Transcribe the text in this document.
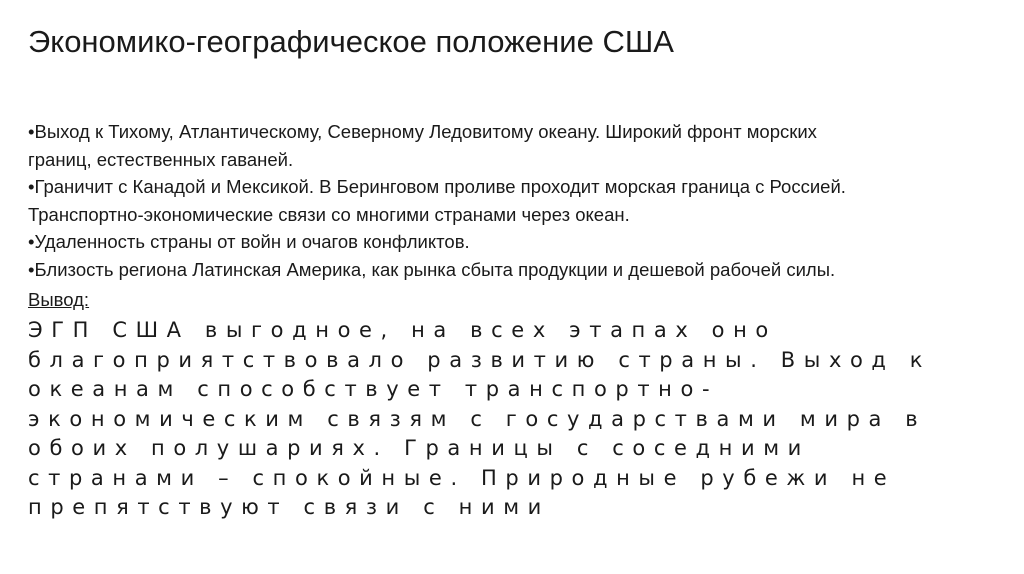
Экономико-географическое положение США
•Выход к Тихому, Атлантическому, Северному Ледовитому океану. Широкий фронт морских
границ, естественных гаваней.
•Граничит с Канадой и Мексикой. В Беринговом проливе проходит морская граница с Россией.
Транспортно-экономические связи со многими странами через океан.
•Удаленность страны от войн и очагов конфликтов.
•Близость региона Латинская Америка, как рынка сбыта продукции и дешевой рабочей силы.
Вывод:
ЭГП США выгодное, на всех этапах оно
благоприятствовало развитию страны. Выход к
океанам способствует транспортно-
экономическим связям с государствами мира в
обоих полушариях. Границы с соседними
странами – спокойные. Природные рубежи не
препятствуют связи с ними
